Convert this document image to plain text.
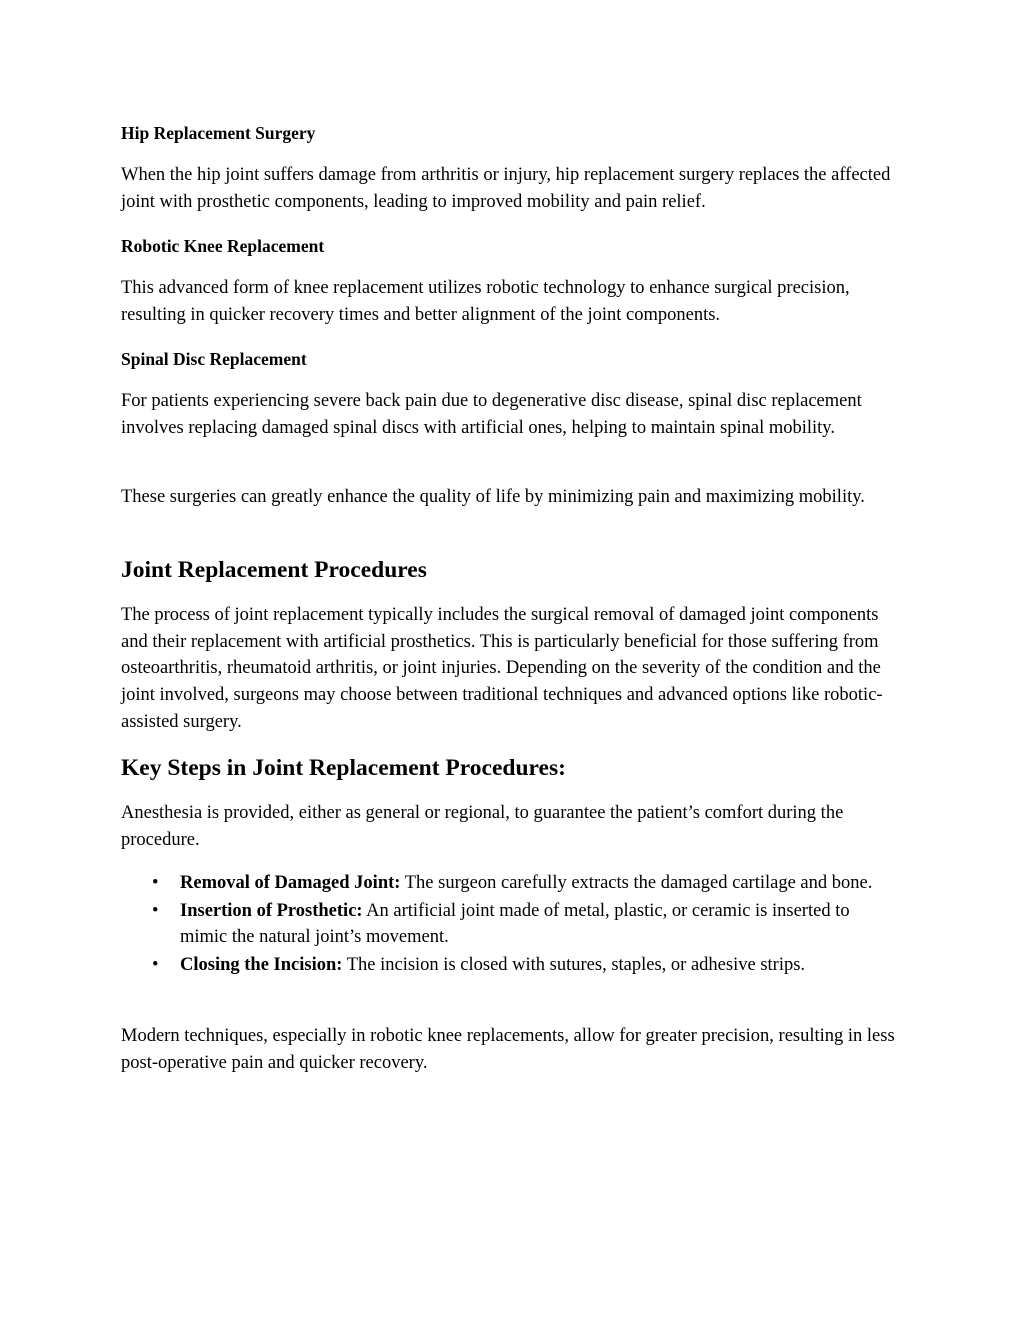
Hip Replacement Surgery

When the hip joint suffers damage from arthritis or injury, hip replacement surgery replaces the affected joint with prosthetic components, leading to improved mobility and pain relief.

Robotic Knee Replacement

This advanced form of knee replacement utilizes robotic technology to enhance surgical precision, resulting in quicker recovery times and better alignment of the joint components.

Spinal Disc Replacement

For patients experiencing severe back pain due to degenerative disc disease, spinal disc replacement involves replacing damaged spinal discs with artificial ones, helping to maintain spinal mobility.

These surgeries can greatly enhance the quality of life by minimizing pain and maximizing mobility.

Joint Replacement Procedures

The process of joint replacement typically includes the surgical removal of damaged joint components and their replacement with artificial prosthetics. This is particularly beneficial for those suffering from osteoarthritis, rheumatoid arthritis, or joint injuries. Depending on the severity of the condition and the joint involved, surgeons may choose between traditional techniques and advanced options like robotic-assisted surgery.

Key Steps in Joint Replacement Procedures:

Anesthesia is provided, either as general or regional, to guarantee the patient’s comfort during the procedure.

• Removal of Damaged Joint: The surgeon carefully extracts the damaged cartilage and bone.
• Insertion of Prosthetic: An artificial joint made of metal, plastic, or ceramic is inserted to mimic the natural joint’s movement.
• Closing the Incision: The incision is closed with sutures, staples, or adhesive strips.

Modern techniques, especially in robotic knee replacements, allow for greater precision, resulting in less post-operative pain and quicker recovery.
